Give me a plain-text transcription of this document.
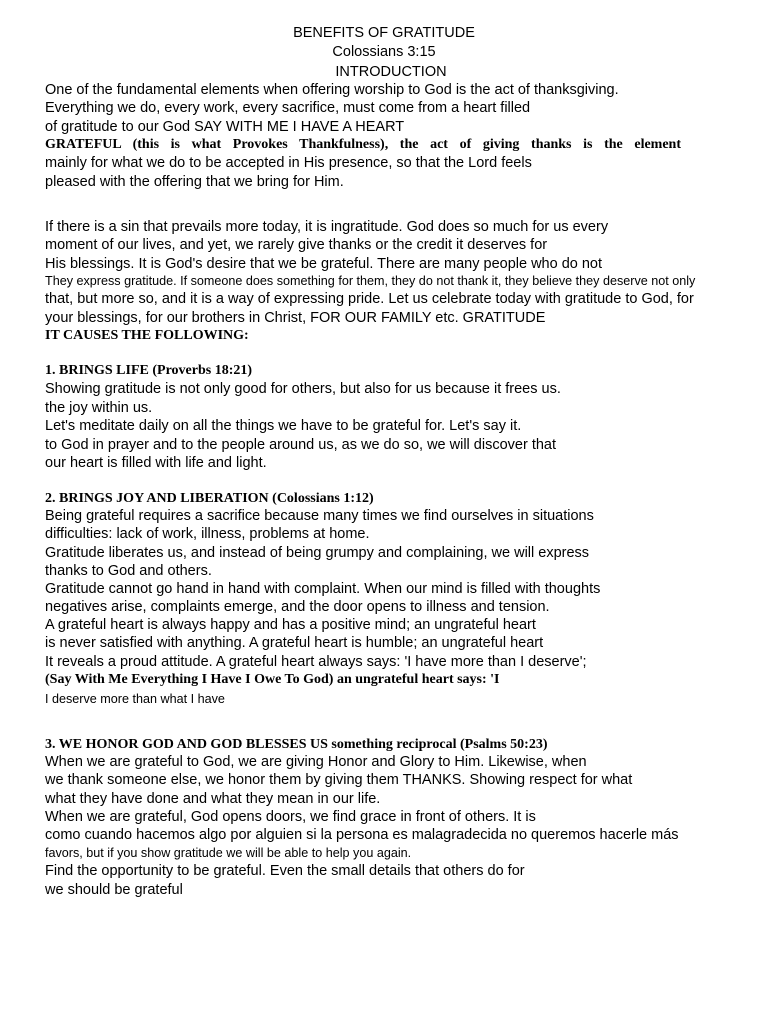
BENEFITS OF GRATITUDE
Colossians 3:15
INTRODUCTION
One of the fundamental elements when offering worship to God is the act of thanksgiving.
Everything we do, every work, every sacrifice, must come from a heart filled
of gratitude to our God SAY WITH ME I HAVE A HEART
GRATEFUL (this is what Provokes Thankfulness), the act of giving thanks is the element
mainly for what we do to be accepted in His presence, so that the Lord feels
pleased with the offering that we bring for Him.
If there is a sin that prevails more today, it is ingratitude. God does so much for us every
moment of our lives, and yet, we rarely give thanks or the credit it deserves for
His blessings. It is God's desire that we be grateful. There are many people who do not
They express gratitude. If someone does something for them, they do not thank it, they believe they deserve not only
that, but more so, and it is a way of expressing pride. Let us celebrate today with gratitude to God, for
your blessings, for our brothers in Christ, FOR OUR FAMILY etc. GRATITUDE
IT CAUSES THE FOLLOWING:
1. BRINGS LIFE (Proverbs 18:21)
Showing gratitude is not only good for others, but also for us because it frees us.
the joy within us.
Let's meditate daily on all the things we have to be grateful for. Let's say it.
to God in prayer and to the people around us, as we do so, we will discover that
our heart is filled with life and light.
2. BRINGS JOY AND LIBERATION (Colossians 1:12)
Being grateful requires a sacrifice because many times we find ourselves in situations
difficulties: lack of work, illness, problems at home.
Gratitude liberates us, and instead of being grumpy and complaining, we will express
thanks to God and others.
Gratitude cannot go hand in hand with complaint. When our mind is filled with thoughts
negatives arise, complaints emerge, and the door opens to illness and tension.
A grateful heart is always happy and has a positive mind; an ungrateful heart
is never satisfied with anything. A grateful heart is humble; an ungrateful heart
It reveals a proud attitude. A grateful heart always says: 'I have more than I deserve';
(Say With Me Everything I Have I Owe To God) an ungrateful heart says: 'I
I deserve more than what I have
3. WE HONOR GOD AND GOD BLESSES US something reciprocal (Psalms 50:23)
When we are grateful to God, we are giving Honor and Glory to Him. Likewise, when
we thank someone else, we honor them by giving them THANKS. Showing respect for what
what they have done and what they mean in our life.
When we are grateful, God opens doors, we find grace in front of others. It is
como cuando hacemos algo por alguien si la persona es malagradecida no queremos hacerle más
favors, but if you show gratitude we will be able to help you again.
Find the opportunity to be grateful. Even the small details that others do for
we should be grateful
